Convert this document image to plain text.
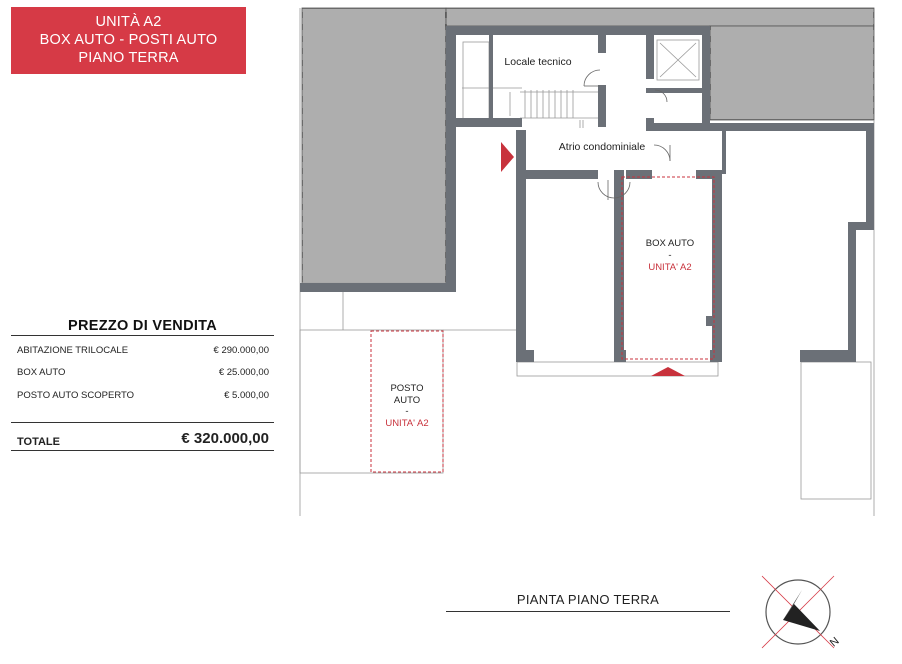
UNITÀ A2
BOX AUTO - POSTI AUTO
PIANO TERRA
PREZZO DI VENDITA
ABITAZIONE TRILOCALE	€ 290.000,00
BOX AUTO	€ 25.000,00
POSTO AUTO SCOPERTO	€ 5.000,00
TOTALE	€ 320.000,00
Locale tecnico
Atrio condominiale
BOX AUTO
-
UNITA' A2
POSTO
AUTO
-
UNITA' A2
N
PIANTA PIANO TERRA
